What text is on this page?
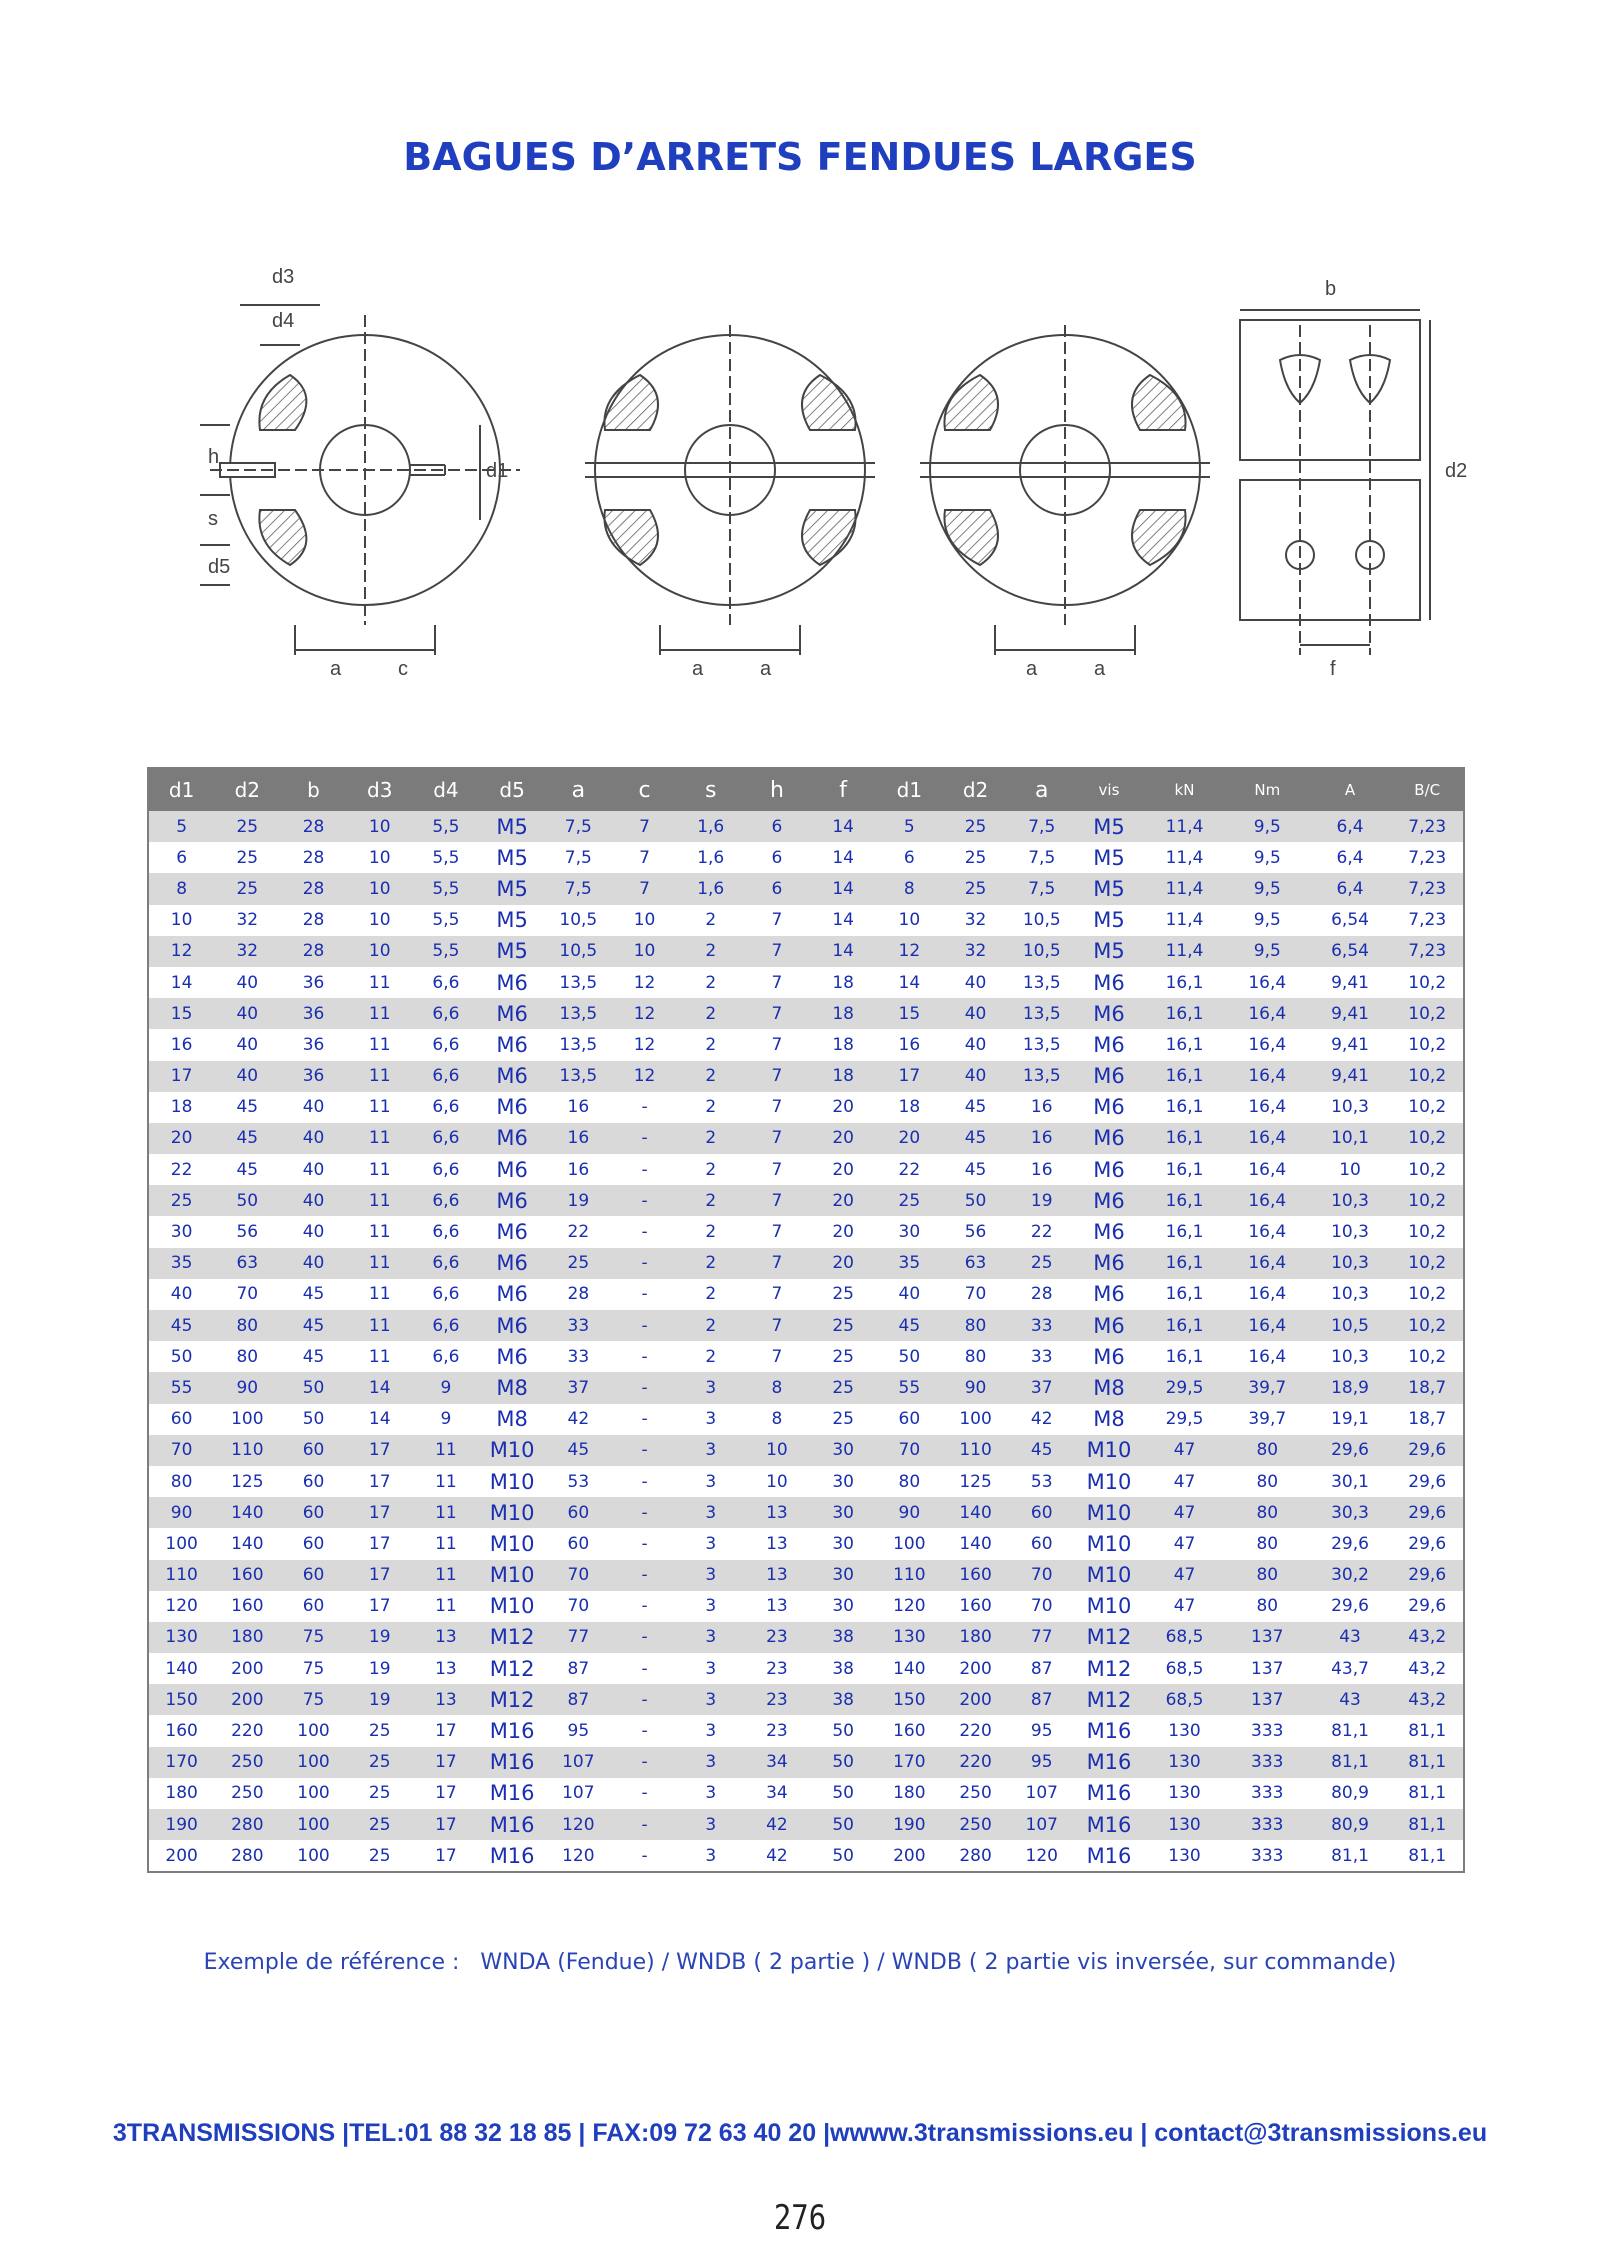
BAGUES D’ARRETS FENDUES LARGES
d3
d4
h
s
d5
d1
a	c	a	a	a	a
b
d2
f
d1	d2	b	d3	d4	d5	a	c	s	h	f	d1	d2	a	vis	kN	Nm	A	B/C
5	25	28	10	5,5	M5	7,5	7	1,6	6	14	5	25	7,5	M5	11,4	9,5	6,4	7,23
6	25	28	10	5,5	M5	7,5	7	1,6	6	14	6	25	7,5	M5	11,4	9,5	6,4	7,23
8	25	28	10	5,5	M5	7,5	7	1,6	6	14	8	25	7,5	M5	11,4	9,5	6,4	7,23
10	32	28	10	5,5	M5	10,5	10	2	7	14	10	32	10,5	M5	11,4	9,5	6,54	7,23
12	32	28	10	5,5	M5	10,5	10	2	7	14	12	32	10,5	M5	11,4	9,5	6,54	7,23
14	40	36	11	6,6	M6	13,5	12	2	7	18	14	40	13,5	M6	16,1	16,4	9,41	10,2
15	40	36	11	6,6	M6	13,5	12	2	7	18	15	40	13,5	M6	16,1	16,4	9,41	10,2
16	40	36	11	6,6	M6	13,5	12	2	7	18	16	40	13,5	M6	16,1	16,4	9,41	10,2
17	40	36	11	6,6	M6	13,5	12	2	7	18	17	40	13,5	M6	16,1	16,4	9,41	10,2
18	45	40	11	6,6	M6	16	-	2	7	20	18	45	16	M6	16,1	16,4	10,3	10,2
20	45	40	11	6,6	M6	16	-	2	7	20	20	45	16	M6	16,1	16,4	10,1	10,2
22	45	40	11	6,6	M6	16	-	2	7	20	22	45	16	M6	16,1	16,4	10	10,2
25	50	40	11	6,6	M6	19	-	2	7	20	25	50	19	M6	16,1	16,4	10,3	10,2
30	56	40	11	6,6	M6	22	-	2	7	20	30	56	22	M6	16,1	16,4	10,3	10,2
35	63	40	11	6,6	M6	25	-	2	7	20	35	63	25	M6	16,1	16,4	10,3	10,2
40	70	45	11	6,6	M6	28	-	2	7	25	40	70	28	M6	16,1	16,4	10,3	10,2
45	80	45	11	6,6	M6	33	-	2	7	25	45	80	33	M6	16,1	16,4	10,5	10,2
50	80	45	11	6,6	M6	33	-	2	7	25	50	80	33	M6	16,1	16,4	10,3	10,2
55	90	50	14	9	M8	37	-	3	8	25	55	90	37	M8	29,5	39,7	18,9	18,7
60	100	50	14	9	M8	42	-	3	8	25	60	100	42	M8	29,5	39,7	19,1	18,7
70	110	60	17	11	M10	45	-	3	10	30	70	110	45	M10	47	80	29,6	29,6
80	125	60	17	11	M10	53	-	3	10	30	80	125	53	M10	47	80	30,1	29,6
90	140	60	17	11	M10	60	-	3	13	30	90	140	60	M10	47	80	30,3	29,6
100	140	60	17	11	M10	60	-	3	13	30	100	140	60	M10	47	80	29,6	29,6
110	160	60	17	11	M10	70	-	3	13	30	110	160	70	M10	47	80	30,2	29,6
120	160	60	17	11	M10	70	-	3	13	30	120	160	70	M10	47	80	29,6	29,6
130	180	75	19	13	M12	77	-	3	23	38	130	180	77	M12	68,5	137	43	43,2
140	200	75	19	13	M12	87	-	3	23	38	140	200	87	M12	68,5	137	43,7	43,2
150	200	75	19	13	M12	87	-	3	23	38	150	200	87	M12	68,5	137	43	43,2
160	220	100	25	17	M16	95	-	3	23	50	160	220	95	M16	130	333	81,1	81,1
170	250	100	25	17	M16	107	-	3	34	50	170	220	95	M16	130	333	81,1	81,1
180	250	100	25	17	M16	107	-	3	34	50	180	250	107	M16	130	333	80,9	81,1
190	280	100	25	17	M16	120	-	3	42	50	190	250	107	M16	130	333	80,9	81,1
200	280	100	25	17	M16	120	-	3	42	50	200	280	120	M16	130	333	81,1	81,1
Exemple de référence :   WNDA (Fendue) / WNDB ( 2 partie ) / WNDB ( 2 partie vis inversée, sur commande)
3TRANSMISSIONS |TEL:01 88 32 18 85 | FAX:09 72 63 40 20 |wwww.3transmissions.eu | contact@3transmissions.eu
276
